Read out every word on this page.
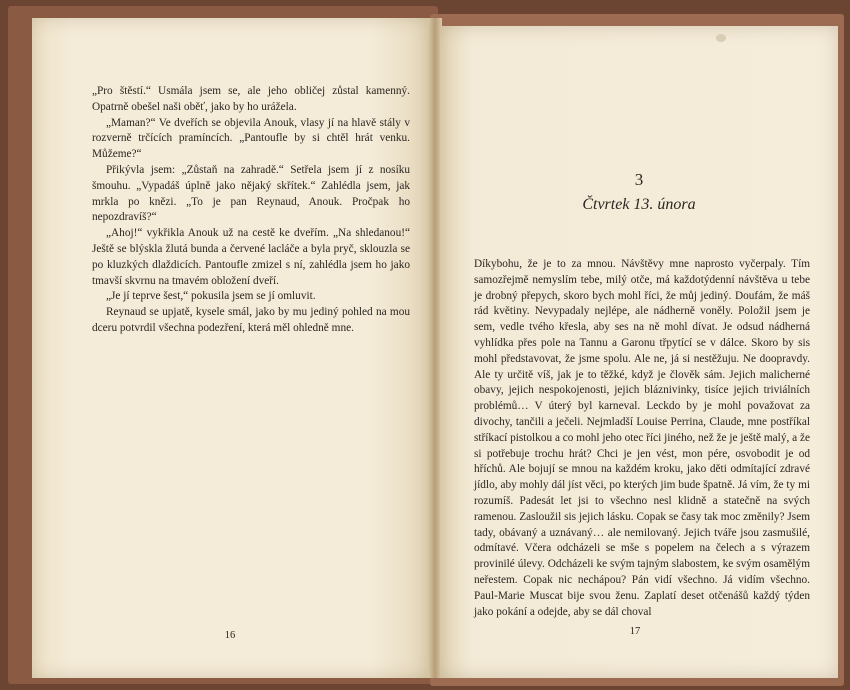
„Pro štěstí.“ Usmála jsem se, ale jeho obličej zůstal kamenný. Opatrně obešel naši oběť, jako by ho urážela.

„Maman?“ Ve dveřích se objevila Anouk, vlasy jí na hlavě stály v rozverně trčících pramíncích. „Pantoufle by si chtěl hrát venku. Můžeme?“

Přikývla jsem: „Zůstaň na zahradě.“ Setřela jsem jí z nosíku šmouhu. „Vypadáš úplně jako nějaký skřítek.“ Zahlédla jsem, jak mrkla po knězi. „To je pan Reynaud, Anouk. Pročpak ho nepozdravíš?“

„Ahoj!“ vykřikla Anouk už na cestě ke dveřím. „Na shledanou!“ Ještě se blýskla žlutá bunda a červené lacláče a byla pryč, sklouzla se po kluzkých dlaždicích. Pantoufle zmizel s ní, zahlédla jsem ho jako tmavší skvrnu na tmavém obložení dveří.

„Je jí teprve šest,“ pokusila jsem se jí omluvit.

Reynaud se upjatě, kysele smál, jako by mu jediný pohled na mou dceru potvrdil všechna podezření, která měl ohledně mne.

16
3
Čtvrtek 13. února

Díkybohu, že je to za mnou. Návštěvy mne naprosto vyčerpaly. Tím samozřejmě nemyslím tebe, milý otče, má každotýdenní návštěva u tebe je drobný přepych, skoro bych mohl říci, že můj jediný. Doufám, že máš rád květiny. Nevypadaly nejlépe, ale nádherně voněly. Položil jsem je sem, vedle tvého křesla, aby ses na ně mohl dívat. Je odsud nádherná vyhlídka přes pole na Tannu a Garonu třpytící se v dálce. Skoro by sis mohl představovat, že jsme spolu. Ale ne, já si nestěžuju. Ne doopravdy. Ale ty určitě víš, jak je to těžké, když je člověk sám. Jejich malicherné obavy, jejich nespokojenosti, jejich bláznivinky, tisíce jejich triviálních problémů… V úterý byl karneval. Leckdo by je mohl považovat za divochy, tančili a ječeli. Nejmladší Louise Perrina, Claude, mne postříkal stříkací pistolkou a co mohl jeho otec říci jiného, než že je ještě malý, a že si potřebuje trochu hrát? Chci je jen vést, mon pére, osvobodit je od hříchů. Ale bojují se mnou na každém kroku, jako děti odmítající zdravé jídlo, aby mohly dál jíst věci, po kterých jim bude špatně. Já vím, že ty mi rozumíš. Padesát let jsi to všechno nesl klidně a statečně na svých ramenou. Zasloužil sis jejich lásku. Copak se časy tak moc změnily? Jsem tady, obávaný a uznávaný… ale nemilovaný. Jejich tváře jsou zasmušilé, odmítavé. Včera odcházeli se mše s popelem na čelech a s výrazem provinilé úlevy. Odcházeli ke svým tajným slabostem, ke svým osamělým neřestem. Copak nic nechápou? Pán vidí všechno. Já vidím všechno. Paul-Marie Muscat bije svou ženu. Zaplatí deset otčenášů každý týden jako pokání a odejde, aby se dál choval

17
